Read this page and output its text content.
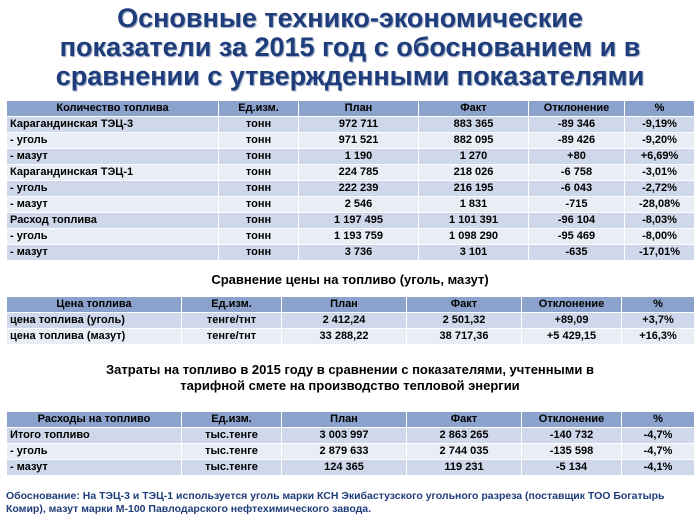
Основные технико-экономические
показатели за 2015 год с обоснованием и в
сравнении с утвержденными показателями
Количество топлива	Ед.изм.	План	Факт	Отклонение	%
Карагандинская ТЭЦ-3	тонн	972 711	883 365	-89 346	-9,19%
- уголь	тонн	971 521	882 095	-89 426	-9,20%
- мазут	тонн	1 190	1 270	+80	+6,69%
Карагандинская ТЭЦ-1	тонн	224 785	218 026	-6 758	-3,01%
- уголь	тонн	222 239	216 195	-6 043	-2,72%
- мазут	тонн	2 546	1 831	-715	-28,08%
Расход топлива	тонн	1 197 495	1 101 391	-96 104	-8,03%
- уголь	тонн	1 193 759	1 098 290	-95 469	-8,00%
- мазут	тонн	3 736	3 101	-635	-17,01%
Сравнение цены на топливо (уголь, мазут)
Цена топлива	Ед.изм.	План	Факт	Отклонение	%
цена топлива (уголь)	тенге/тнт	2 412,24	2 501,32	+89,09	+3,7%
цена топлива (мазут)	тенге/тнт	33 288,22	38 717,36	+5 429,15	+16,3%
Затраты на топливо в 2015 году в сравнении с показателями, учтенными в
тарифной смете на производство тепловой энергии
Расходы на топливо	Ед.изм.	План	Факт	Отклонение	%
Итого топливо	тыс.тенге	3 003 997	2 863 265	-140 732	-4,7%
- уголь	тыс.тенге	2 879 633	2 744 035	-135 598	-4,7%
- мазут	тыс.тенге	124 365	119 231	-5 134	-4,1%
Обоснование: На ТЭЦ-3 и ТЭЦ-1 используется уголь марки КСН Экибастузского угольного разреза (поставщик ТОО Богатырь Комир), мазут марки М-100 Павлодарского нефтехимического завода.
